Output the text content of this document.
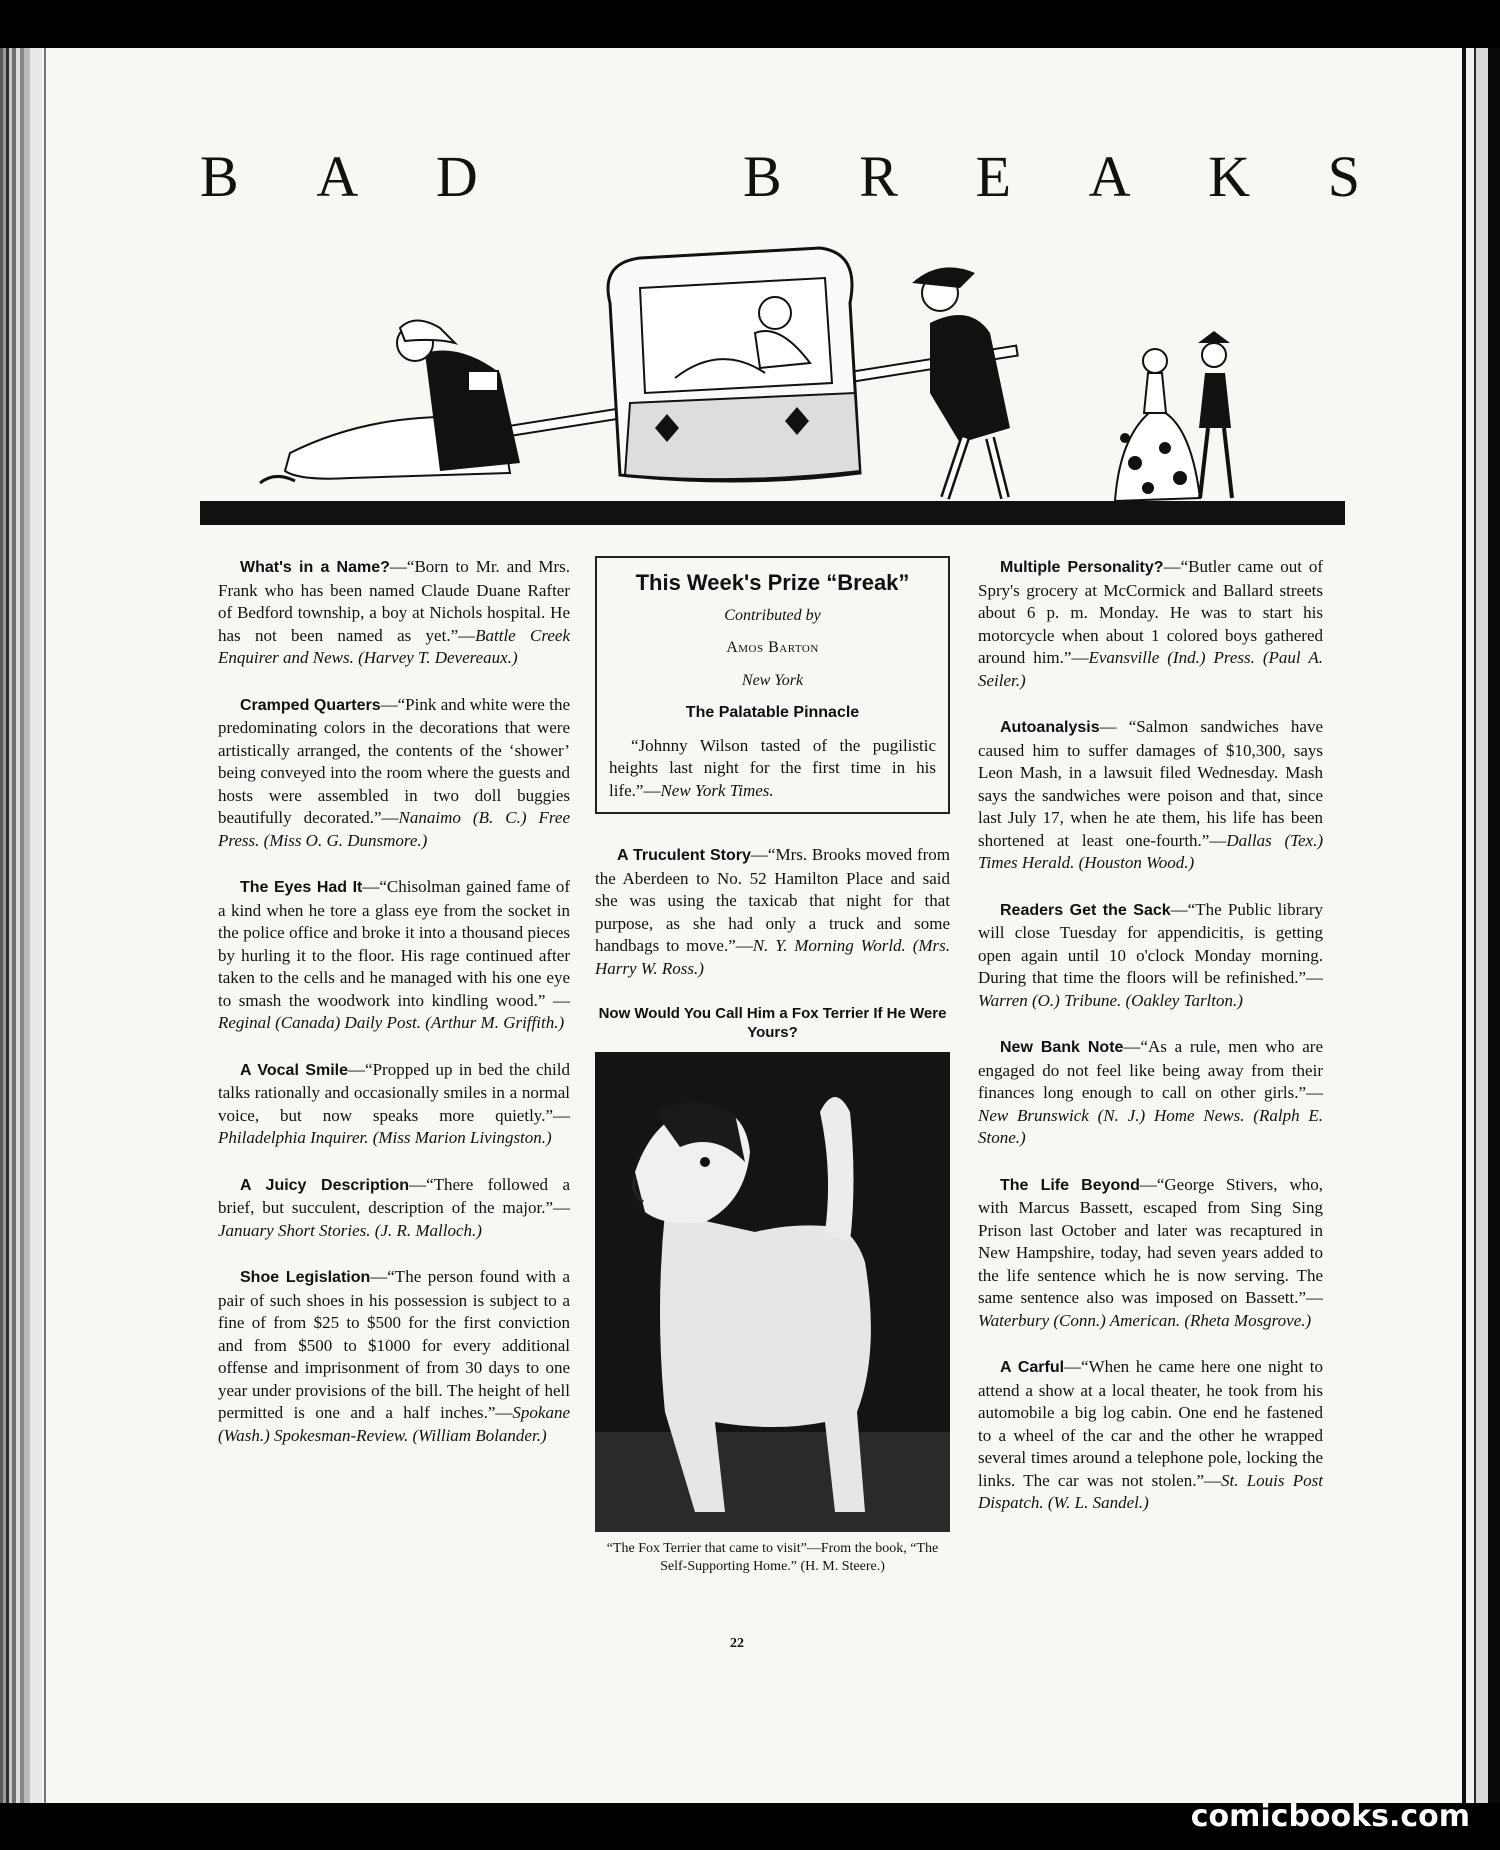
B A D	B R E A K S

What's in a Name?—“Born to Mr. and Mrs. Frank who has been named Claude Duane Rafter of Bedford township, a boy at Nichols hospital. He has not been named as yet.”—Battle Creek Enquirer and News. (Harvey T. Devereaux.)

Cramped Quarters—“Pink and white were the predominating colors in the decorations that were artistically arranged, the contents of the ‘shower’ being conveyed into the room where the guests and hosts were assembled in two doll buggies beautifully decorated.”—Nanaimo (B. C.) Free Press. (Miss O. G. Dunsmore.)

The Eyes Had It—“Chisolman gained fame of a kind when he tore a glass eye from the socket in the police office and broke it into a thousand pieces by hurling it to the floor. His rage continued after taken to the cells and he managed with his one eye to smash the woodwork into kindling wood.” —Reginal (Canada) Daily Post. (Arthur M. Griffith.)

A Vocal Smile—“Propped up in bed the child talks rationally and occasionally smiles in a normal voice, but now speaks more quietly.”—Philadelphia Inquirer. (Miss Marion Livingston.)

A Juicy Description—“There followed a brief, but succulent, description of the major.”—January Short Stories. (J. R. Malloch.)

Shoe Legislation—“The person found with a pair of such shoes in his possession is subject to a fine of from $25 to $500 for the first conviction and from $500 to $1000 for every additional offense and imprisonment of from 30 days to one year under provisions of the bill. The height of hell permitted is one and a half inches.”—Spokane (Wash.) Spokesman-Review. (William Bolander.)

This Week's Prize “Break”
Contributed by
Amos Barton
New York
The Palatable Pinnacle

“Johnny Wilson tasted of the pugilistic heights last night for the first time in his life.”—New York Times.

A Truculent Story—“Mrs. Brooks moved from the Aberdeen to No. 52 Hamilton Place and said she was using the taxicab that night for that purpose, as she had only a truck and some handbags to move.”—N. Y. Morning World. (Mrs. Harry W. Ross.)

Now Would You Call Him a Fox Terrier If He Were Yours?
“The Fox Terrier that came to visit”—From the book, “The Self-Supporting Home.” (H. M. Steere.)

Multiple Personality?—“Butler came out of Spry's grocery at McCormick and Ballard streets about 6 p. m. Monday. He was to start his motorcycle when about 1 colored boys gathered around him.”—Evansville (Ind.) Press. (Paul A. Seiler.)

Autoanalysis— “Salmon sandwiches have caused him to suffer damages of $10,300, says Leon Mash, in a lawsuit filed Wednesday. Mash says the sandwiches were poison and that, since last July 17, when he ate them, his life has been shortened at least one-fourth.”—Dallas (Tex.) Times Herald. (Houston Wood.)

Readers Get the Sack—“The Public library will close Tuesday for appendicitis, is getting open again until 10 o'clock Monday morning. During that time the floors will be refinished.”—Warren (O.) Tribune. (Oakley Tarlton.)

New Bank Note—“As a rule, men who are engaged do not feel like being away from their finances long enough to call on other girls.”—New Brunswick (N. J.) Home News. (Ralph E. Stone.)

The Life Beyond—“George Stivers, who, with Marcus Bassett, escaped from Sing Sing Prison last October and later was recaptured in New Hampshire, today, had seven years added to the life sentence which he is now serving. The same sentence also was imposed on Bassett.”—Waterbury (Conn.) American. (Rheta Mosgrove.)

A Carful—“When he came here one night to attend a show at a local theater, he took from his automobile a big log cabin. One end he fastened to a wheel of the car and the other he wrapped several times around a telephone pole, locking the links. The car was not stolen.”—St. Louis Post Dispatch. (W. L. Sandel.)

22
comicbooks.com
